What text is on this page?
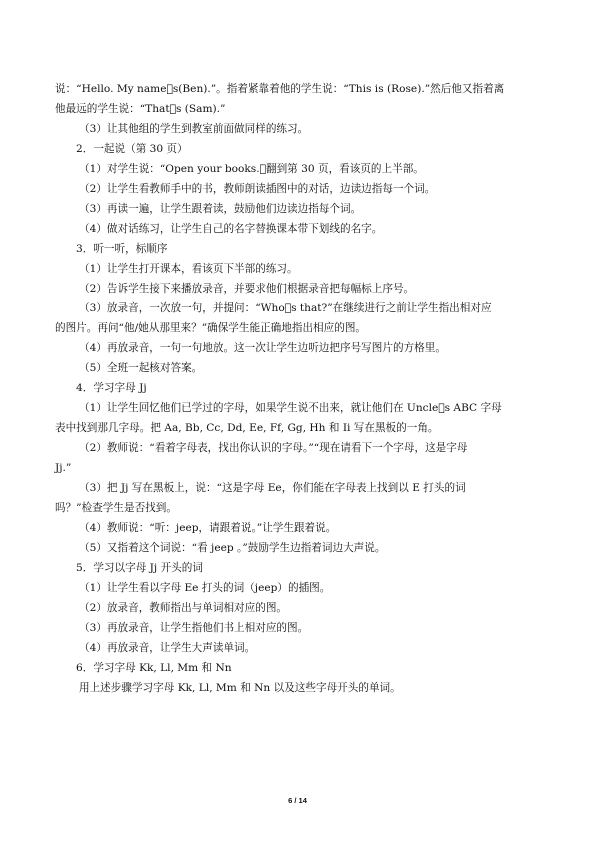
说：“Hello. My name⃞s(Ben).”。指着紧靠着他的学生说：“This is (Rose).”然后他又指着离
他最远的学生说：“That⃞s (Sam).”
（3）让其他组的学生到教室前面做同样的练习。
2．一起说（第 30 页）
（1）对学生说：“Open your books.⃞翻到第 30 页，看该页的上半部。
（2）让学生看教师手中的书，教师朗读插图中的对话，边读边指每一个词。
（3）再读一遍，让学生跟着读，鼓励他们边读边指每个词。
（4）做对话练习，让学生自己的名字替换课本带下划线的名字。
3．听一听，标顺序
（1）让学生打开课本，看该页下半部的练习。
（2）告诉学生接下来播放录音，并要求他们根据录音把每幅标上序号。
（3）放录音，一次放一句，并提问：“Who⃞s that?”在继续进行之前让学生指出相对应
的图片。再问“他/她从那里来？”确保学生能正确地指出相应的图。
（4）再放录音，一句一句地放。这一次让学生边听边把序号写图片的方格里。
（5）全班一起核对答案。
4．学习字母 Jj
（1）让学生回忆他们已学过的字母，如果学生说不出来，就让他们在 Uncle⃞s ABC 字母
表中找到那几字母。把 Aa, Bb, Cc, Dd, Ee, Ff, Gg, Hh 和 Ii 写在黑板的一角。
（2）教师说：“看着字母表，找出你认识的字母。”“现在请看下一个字母，这是字母
Jj.”
（3）把 Jj 写在黑板上，说：“这是字母 Ee，你们能在字母表上找到以 E 打头的词
吗？”检查学生是否找到。
（4）教师说：“听：jeep，请跟着说。”让学生跟着说。
（5）又指着这个词说：“看 jeep 。”鼓励学生边指着词边大声说。
5．学习以字母 Jj 开头的词
（1）让学生看以字母 Ee 打头的词（jeep）的插图。
（2）放录音，教师指出与单词相对应的图。
（3）再放录音，让学生指他们书上相对应的图。
（4）再放录音，让学生大声读单词。
6．学习字母 Kk, Ll, Mm 和 Nn
用上述步骤学习字母 Kk, Ll, Mm 和 Nn 以及这些字母开头的单词。
6 / 14
